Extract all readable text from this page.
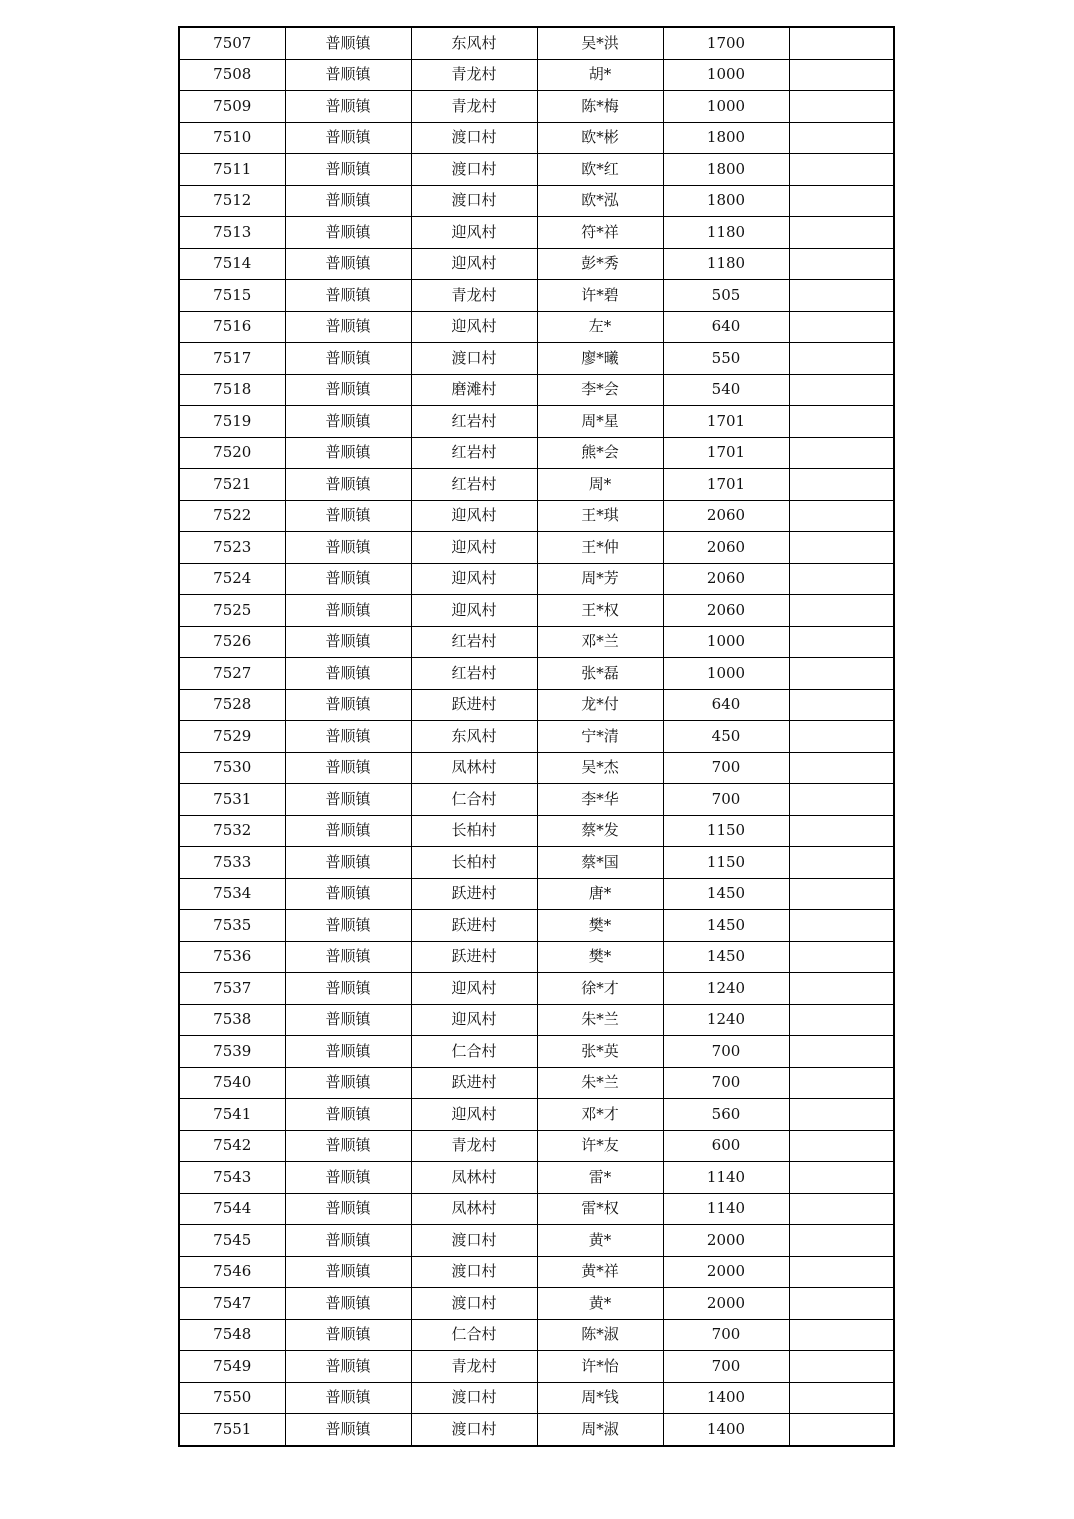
7507	普顺镇	东风村	吴*洪	1700	
7508	普顺镇	青龙村	胡*	1000	
7509	普顺镇	青龙村	陈*梅	1000	
7510	普顺镇	渡口村	欧*彬	1800	
7511	普顺镇	渡口村	欧*红	1800	
7512	普顺镇	渡口村	欧*泓	1800	
7513	普顺镇	迎风村	符*祥	1180	
7514	普顺镇	迎风村	彭*秀	1180	
7515	普顺镇	青龙村	许*碧	505	
7516	普顺镇	迎风村	左*	640	
7517	普顺镇	渡口村	廖*曦	550	
7518	普顺镇	磨滩村	李*会	540	
7519	普顺镇	红岩村	周*星	1701	
7520	普顺镇	红岩村	熊*会	1701	
7521	普顺镇	红岩村	周*	1701	
7522	普顺镇	迎风村	王*琪	2060	
7523	普顺镇	迎风村	王*仲	2060	
7524	普顺镇	迎风村	周*芳	2060	
7525	普顺镇	迎风村	王*权	2060	
7526	普顺镇	红岩村	邓*兰	1000	
7527	普顺镇	红岩村	张*磊	1000	
7528	普顺镇	跃进村	龙*付	640	
7529	普顺镇	东风村	宁*清	450	
7530	普顺镇	凤林村	吴*杰	700	
7531	普顺镇	仁合村	李*华	700	
7532	普顺镇	长柏村	蔡*发	1150	
7533	普顺镇	长柏村	蔡*国	1150	
7534	普顺镇	跃进村	唐*	1450	
7535	普顺镇	跃进村	樊*	1450	
7536	普顺镇	跃进村	樊*	1450	
7537	普顺镇	迎风村	徐*才	1240	
7538	普顺镇	迎风村	朱*兰	1240	
7539	普顺镇	仁合村	张*英	700	
7540	普顺镇	跃进村	朱*兰	700	
7541	普顺镇	迎风村	邓*才	560	
7542	普顺镇	青龙村	许*友	600	
7543	普顺镇	凤林村	雷*	1140	
7544	普顺镇	凤林村	雷*权	1140	
7545	普顺镇	渡口村	黄*	2000	
7546	普顺镇	渡口村	黄*祥	2000	
7547	普顺镇	渡口村	黄*	2000	
7548	普顺镇	仁合村	陈*淑	700	
7549	普顺镇	青龙村	许*怡	700	
7550	普顺镇	渡口村	周*钱	1400	
7551	普顺镇	渡口村	周*淑	1400	
